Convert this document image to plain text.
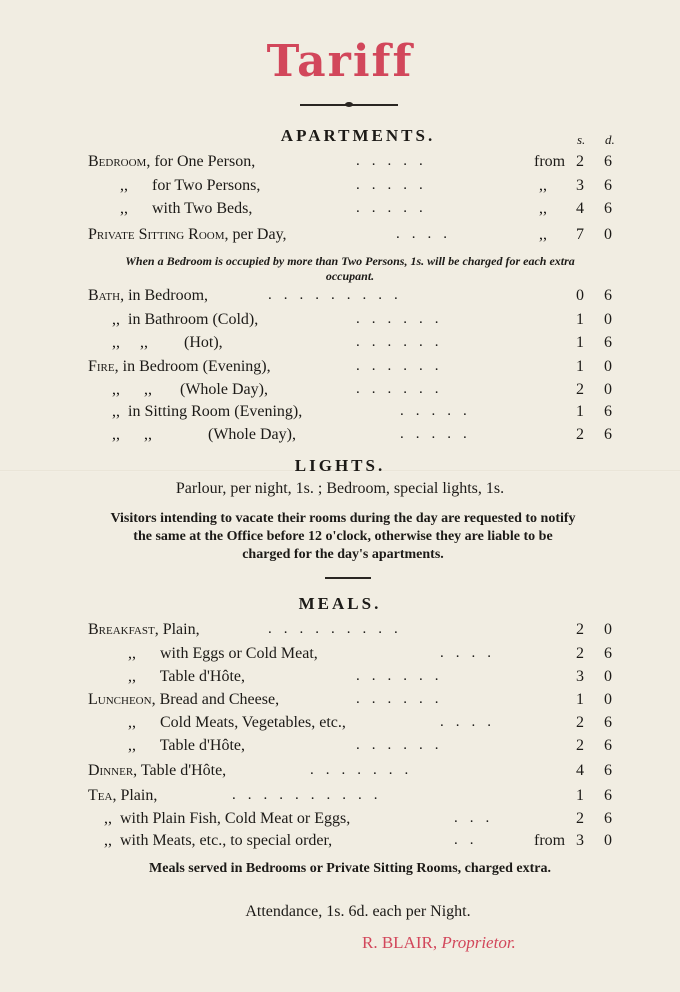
Tariff
APARTMENTS.	s. d.
Bedroom, for One Person,	.....	from 2 6
,,      for Two Persons,	.....	,, 3 6
,,      with Two Beds,	.....	,, 4 6
Private Sitting Room, per Day,	....	,, 7 0
When a Bedroom is occupied by more than Two Persons, 1s. will be charged for each extra occupant.
Bath, in Bedroom,	.........	0 6
,,  in Bathroom (Cold),	......	1 0
,,     ,,         (Hot),	......	1 6
Fire, in Bedroom (Evening),	......	1 0
,,      ,,       (Whole Day),	......	2 0
,,  in Sitting Room (Evening),	.....	1 6
,,      ,,              (Whole Day),	.....	2 6
LIGHTS.
Parlour, per night, 1s. ; Bedroom, special lights, 1s.
Visitors intending to vacate their rooms during the day are requested to notify the same at the Office before 12 o'clock, otherwise they are liable to be charged for the day's apartments.
MEALS.
Breakfast, Plain,	.........	2 0
,,      with Eggs or Cold Meat,	....	2 6
,,      Table d'Hôte,	......	3 0
Luncheon, Bread and Cheese,	......	1 0
,,      Cold Meats, Vegetables, etc.,	....	2 6
,,      Table d'Hôte,	......	2 6
Dinner, Table d'Hôte,	.......	4 6
Tea, Plain,	..........	1 6
,,  with Plain Fish, Cold Meat or Eggs,	...	2 6
,,  with Meats, etc., to special order,	..	from 3 0
Meals served in Bedrooms or Private Sitting Rooms, charged extra.
Attendance, 1s. 6d. each per Night.
R. BLAIR, Proprietor.
